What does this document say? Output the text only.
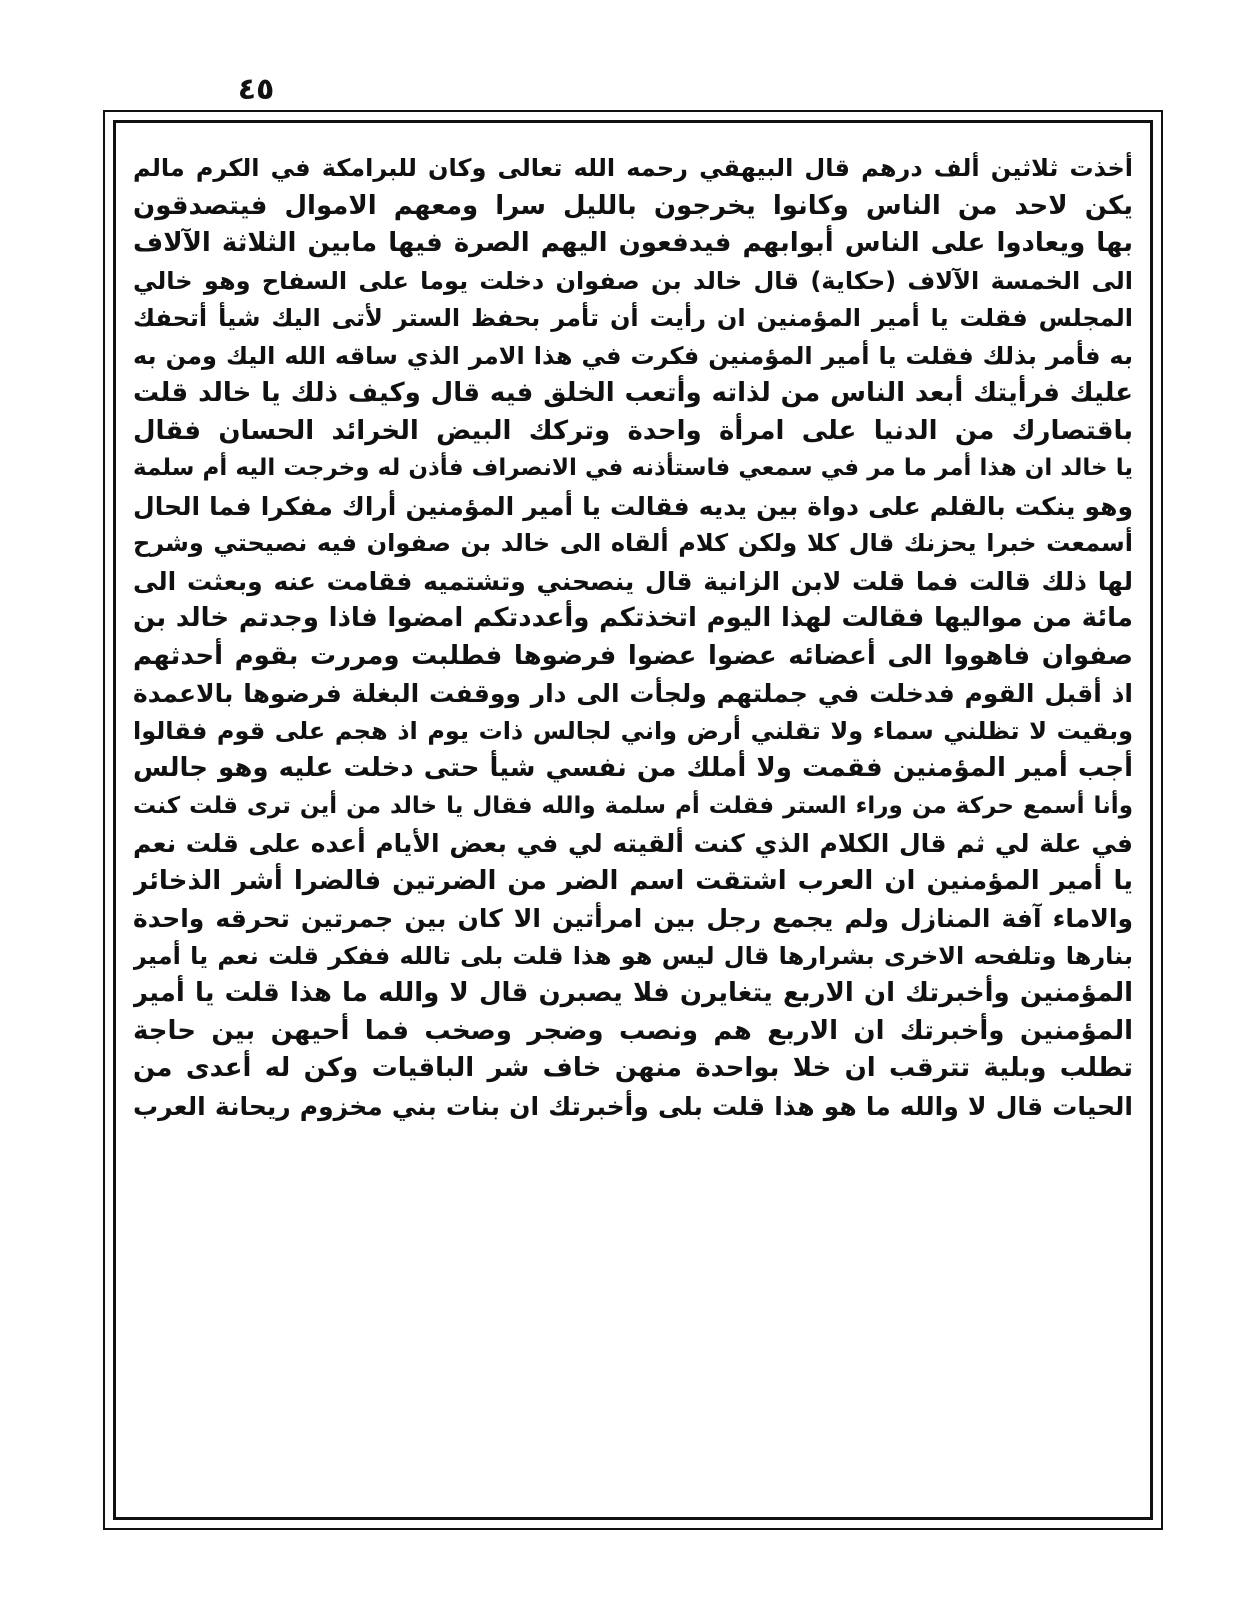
٤٥
أخذت ثلاثين ألف درهم قال البيهقي رحمه الله تعالى وكان للبرامكة في الكرم مالم
يكن لاحد من الناس وكانوا يخرجون بالليل سرا ومعهم الاموال فيتصدقون
بها ويعادوا على الناس أبوابهم فيدفعون اليهم الصرة فيها مابين الثلاثة الآلاف
الى الخمسة الآلاف (حكاية) قال خالد بن صفوان دخلت يوما على السفاح وهو خالي
المجلس فقلت يا أمير المؤمنين ان رأيت أن تأمر بحفظ الستر لأتى اليك شيأ أتحفك
به فأمر بذلك فقلت يا أمير المؤمنين فكرت في هذا الامر الذي ساقه الله اليك ومن به
عليك فرأيتك أبعد الناس من لذاته وأتعب الخلق فيه قال وكيف ذلك يا خالد قلت
باقتصارك من الدنيا على امرأة واحدة وتركك البيض الخرائد الحسان فقال
يا خالد ان هذا أمر ما مر في سمعي فاستأذنه في الانصراف فأذن له وخرجت اليه أم سلمة
وهو ينكت بالقلم على دواة بين يديه فقالت يا أمير المؤمنين أراك مفكرا فما الحال
أسمعت خبرا يحزنك قال كلا ولكن كلام ألقاه الى خالد بن صفوان فيه نصيحتي وشرح
لها ذلك قالت فما قلت لابن الزانية قال ينصحني وتشتميه فقامت عنه وبعثت الى
مائة من مواليها فقالت لهذا اليوم اتخذتكم وأعددتكم امضوا فاذا وجدتم خالد بن
صفوان فاهووا الى أعضائه عضوا عضوا فرضوها فطلبت ومررت بقوم أحدثهم
اذ أقبل القوم فدخلت في جملتهم ولجأت الى دار ووقفت البغلة فرضوها بالاعمدة
وبقيت لا تظلني سماء ولا تقلني أرض واني لجالس ذات يوم اذ هجم على قوم فقالوا
أجب أمير المؤمنين فقمت ولا أملك من نفسي شيأ حتى دخلت عليه وهو جالس
وأنا أسمع حركة من وراء الستر فقلت أم سلمة والله فقال يا خالد من أين ترى قلت كنت
في علة لي ثم قال الكلام الذي كنت ألقيته لي في بعض الأيام أعده على قلت نعم
يا أمير المؤمنين ان العرب اشتقت اسم الضر من الضرتين فالضرا أشر الذخائر
والاماء آفة المنازل ولم يجمع رجل بين امرأتين الا كان بين جمرتين تحرقه واحدة
بنارها وتلفحه الاخرى بشرارها قال ليس هو هذا قلت بلى تالله ففكر قلت نعم يا أمير
المؤمنين وأخبرتك ان الاربع يتغايرن فلا يصبرن قال لا والله ما هذا قلت يا أمير
المؤمنين وأخبرتك ان الاربع هم ونصب وضجر وصخب فما أحيهن بين حاجة
تطلب وبلية تترقب ان خلا بواحدة منهن خاف شر الباقيات وكن له أعدى من
الحيات قال لا والله ما هو هذا قلت بلى وأخبرتك ان بنات بني مخزوم ريحانة العرب
